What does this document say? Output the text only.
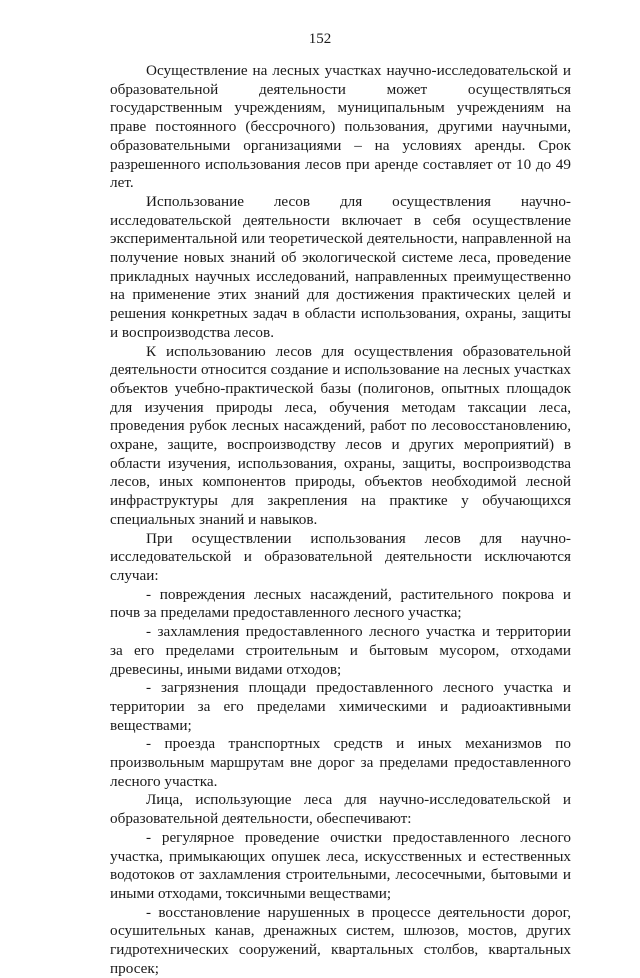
152

Осуществление на лесных участках научно-исследовательской и образовательной деятельности может осуществляться государственным учреждениям, муниципальным учреждениям на праве постоянного (бессрочного) пользования, другими научными, образовательными организациями – на условиях аренды. Срок разрешенного использования лесов при аренде составляет от 10 до 49 лет.

Использование лесов для осуществления научно-исследовательской деятельности включает в себя осуществление экспериментальной или теоретической деятельности, направленной на получение новых знаний об экологической системе леса, проведение прикладных научных исследований, направленных преимущественно на применение этих знаний для достижения практических целей и решения конкретных задач в области использования, охраны, защиты и воспроизводства лесов.

К использованию лесов для осуществления образовательной деятельности относится создание и использование на лесных участках объектов учебно-практической базы (полигонов, опытных площадок для изучения природы леса, обучения методам таксации леса, проведения рубок лесных насаждений, работ по лесовосстановлению, охране, защите, воспроизводству лесов и других мероприятий) в области изучения, использования, охраны, защиты, воспроизводства лесов, иных компонентов природы, объектов необходимой лесной инфраструктуры для закрепления на практике у обучающихся специальных знаний и навыков.

При осуществлении использования лесов для научно-исследовательской и образовательной деятельности исключаются случаи:

- повреждения лесных насаждений, растительного покрова и почв за пределами предоставленного лесного участка;

- захламления предоставленного лесного участка и территории за его пределами строительным и бытовым мусором, отходами древесины, иными видами отходов;

- загрязнения площади предоставленного лесного участка и территории за его пределами химическими и радиоактивными веществами;

- проезда транспортных средств и иных механизмов по произвольным маршрутам вне дорог за пределами предоставленного лесного участка.

Лица, использующие леса для научно-исследовательской и образовательной деятельности, обеспечивают:

- регулярное проведение очистки предоставленного лесного участка, примыкающих опушек леса, искусственных и естественных водотоков от захламления строительными, лесосечными, бытовыми и иными отходами, токсичными веществами;

- восстановление нарушенных в процессе деятельности дорог, осушительных канав, дренажных систем, шлюзов, мостов, других гидротехнических сооружений, квартальных столбов, квартальных просек;
